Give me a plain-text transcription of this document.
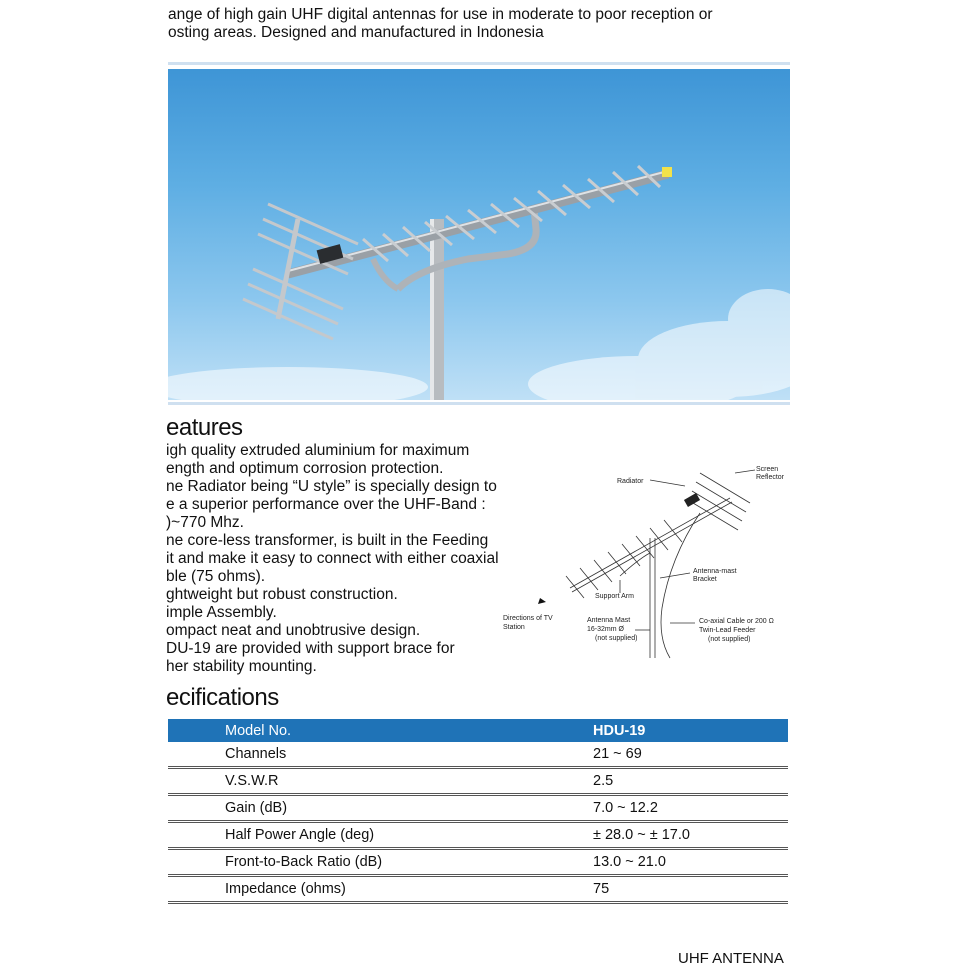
ange of high gain UHF digital antennas for use in moderate to poor reception or
osting areas. Designed and manufactured in Indonesia

eatures
igh quality extruded aluminium for maximum
ength and optimum corrosion protection.
ne Radiator being “U style” is specially design to
e a superior performance over the UHF-Band :
)~770 Mhz.
ne core-less transformer, is built in the Feeding
it and make it easy to connect with either coaxial
ble (75 ohms).
ghtweight but robust construction.
imple Assembly.
ompact neat and unobtrusive design.
DU-19 are provided with support brace for
her stability mounting.
Radiator
Screen
Reflector
Antenna-mast
Bracket
Support Arm
Directions of TV
Station
Antenna Mast
16-32mm Ø
(not supplied)
Co-axial Cable or 200 Ω
Twin-Lead Feeder
(not supplied)
ecifications
Model No.	HDU-19
Channels	21 ~ 69
V.S.W.R	2.5
Gain (dB)	7.0 ~ 12.2
Half Power Angle (deg)	± 28.0 ~ ± 17.0
Front-to-Back Ratio (dB)	13.0 ~ 21.0
Impedance (ohms)	75
UHF ANTENNA
